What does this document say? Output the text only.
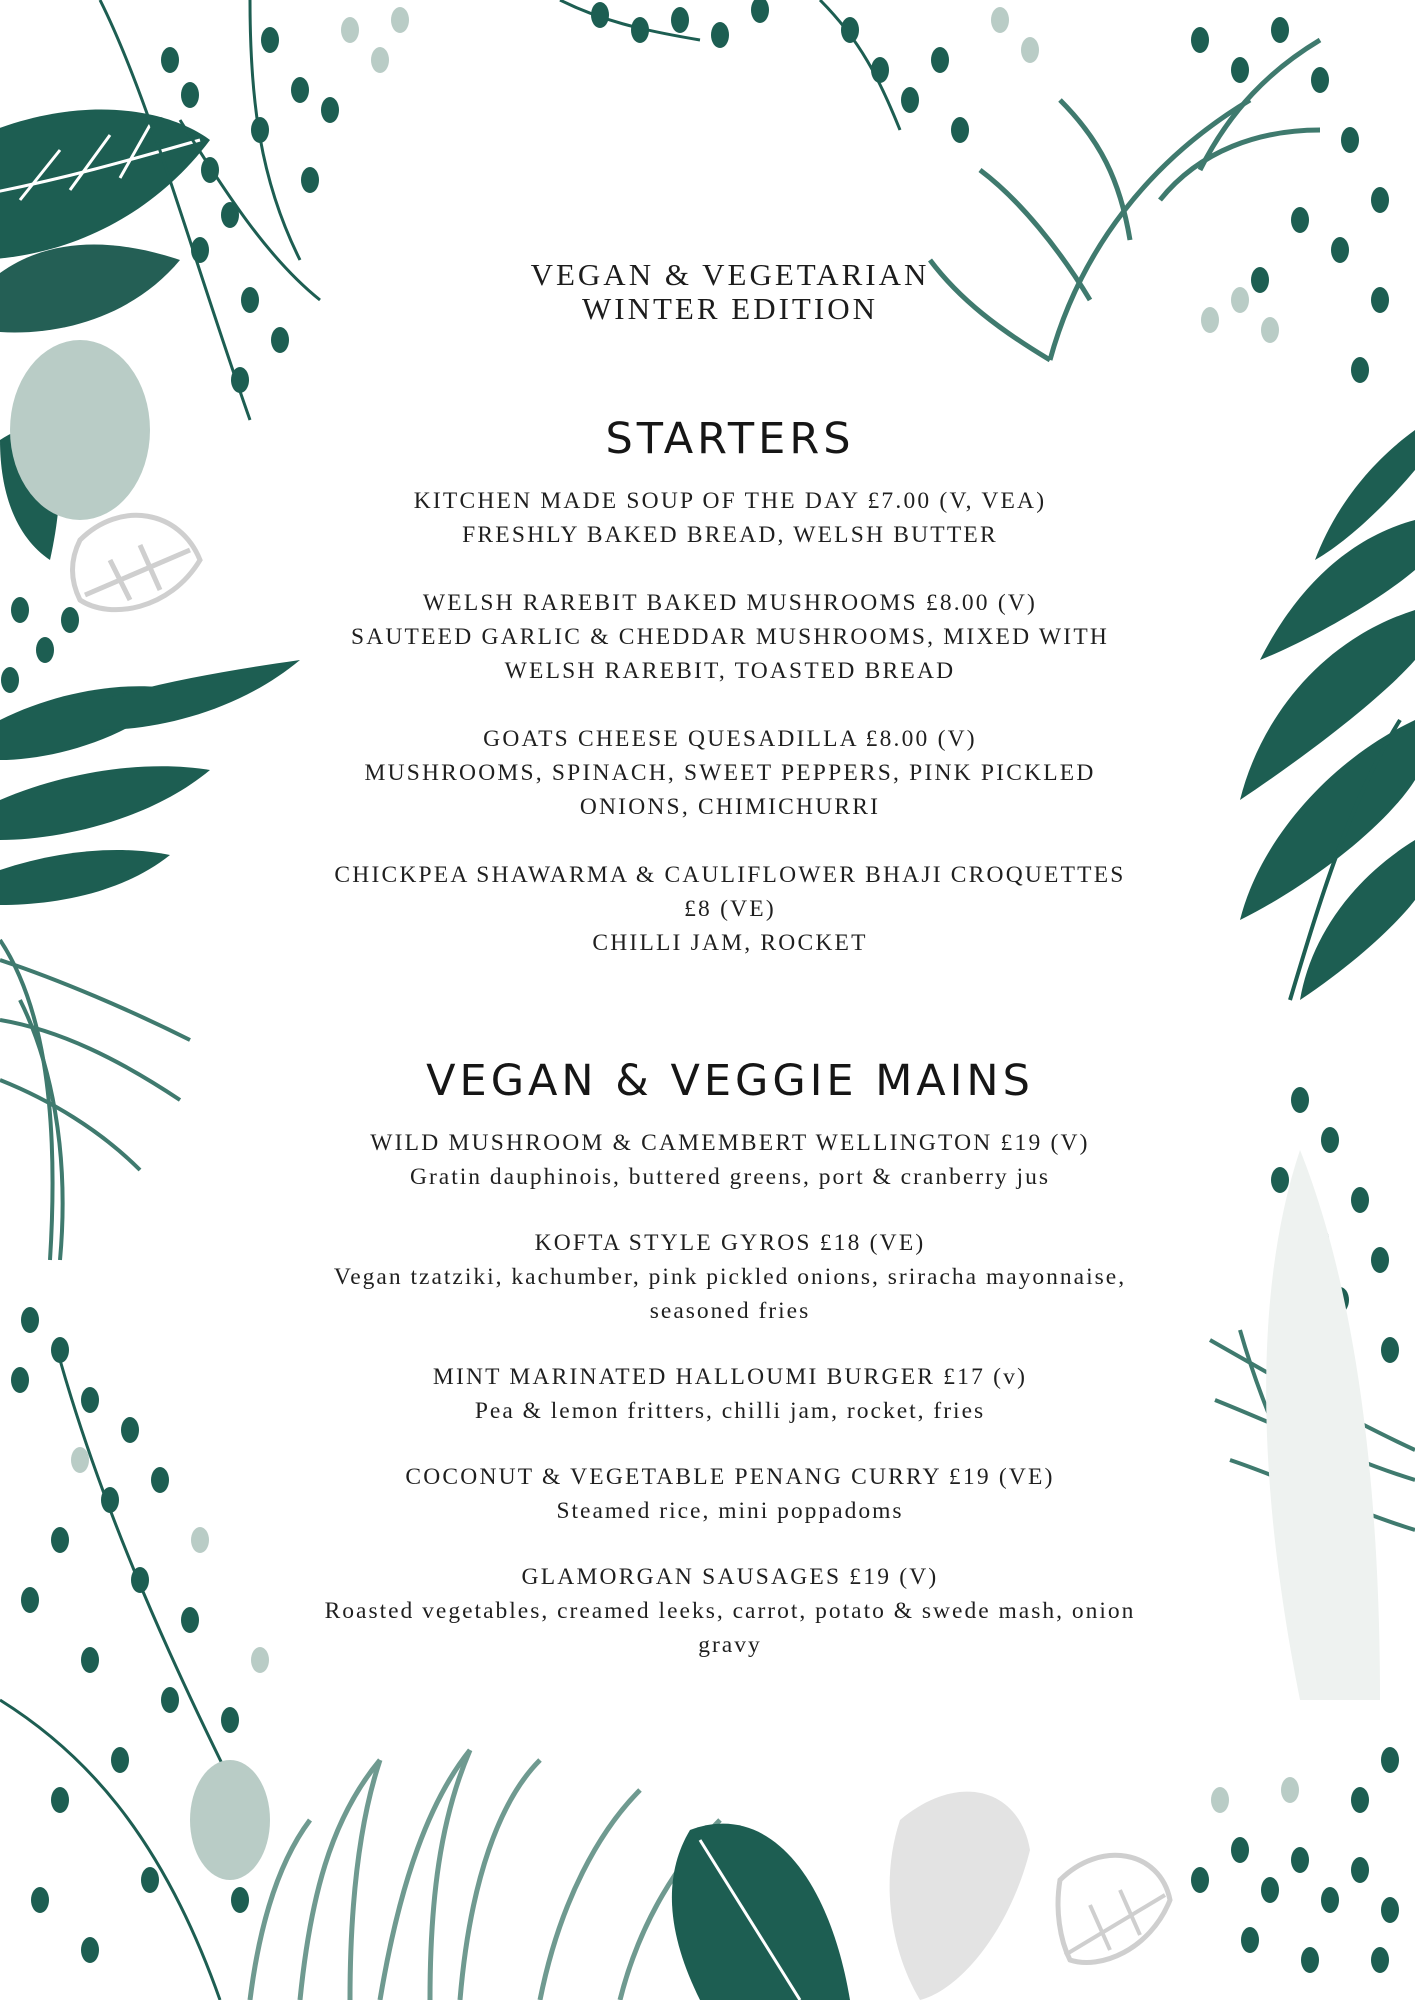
VEGAN & VEGETARIAN
WINTER EDITION
STARTERS

KITCHEN MADE SOUP OF THE DAY £7.00 (V, VEA)

FRESHLY BAKED BREAD, WELSH BUTTER

WELSH RAREBIT BAKED MUSHROOMS £8.00 (V)

SAUTEED GARLIC & CHEDDAR MUSHROOMS, MIXED WITH

WELSH RAREBIT, TOASTED BREAD

GOATS CHEESE QUESADILLA £8.00 (V)

MUSHROOMS, SPINACH, SWEET PEPPERS, PINK PICKLED

ONIONS, CHIMICHURRI

CHICKPEA SHAWARMA & CAULIFLOWER BHAJI CROQUETTES

£8 (VE)

CHILLI JAM, ROCKET

VEGAN & VEGGIE MAINS

WILD MUSHROOM & CAMEMBERT WELLINGTON £19 (V)

Gratin dauphinois, buttered greens, port & cranberry jus

KOFTA STYLE GYROS £18 (VE)

Vegan tzatziki, kachumber, pink pickled onions, sriracha mayonnaise,

seasoned fries

MINT MARINATED HALLOUMI BURGER £17 (v)

Pea & lemon fritters, chilli jam, rocket, fries

COCONUT & VEGETABLE PENANG CURRY £19 (VE)

Steamed rice, mini poppadoms

GLAMORGAN SAUSAGES £19 (V)

Roasted vegetables, creamed leeks, carrot, potato & swede mash, onion

gravy
